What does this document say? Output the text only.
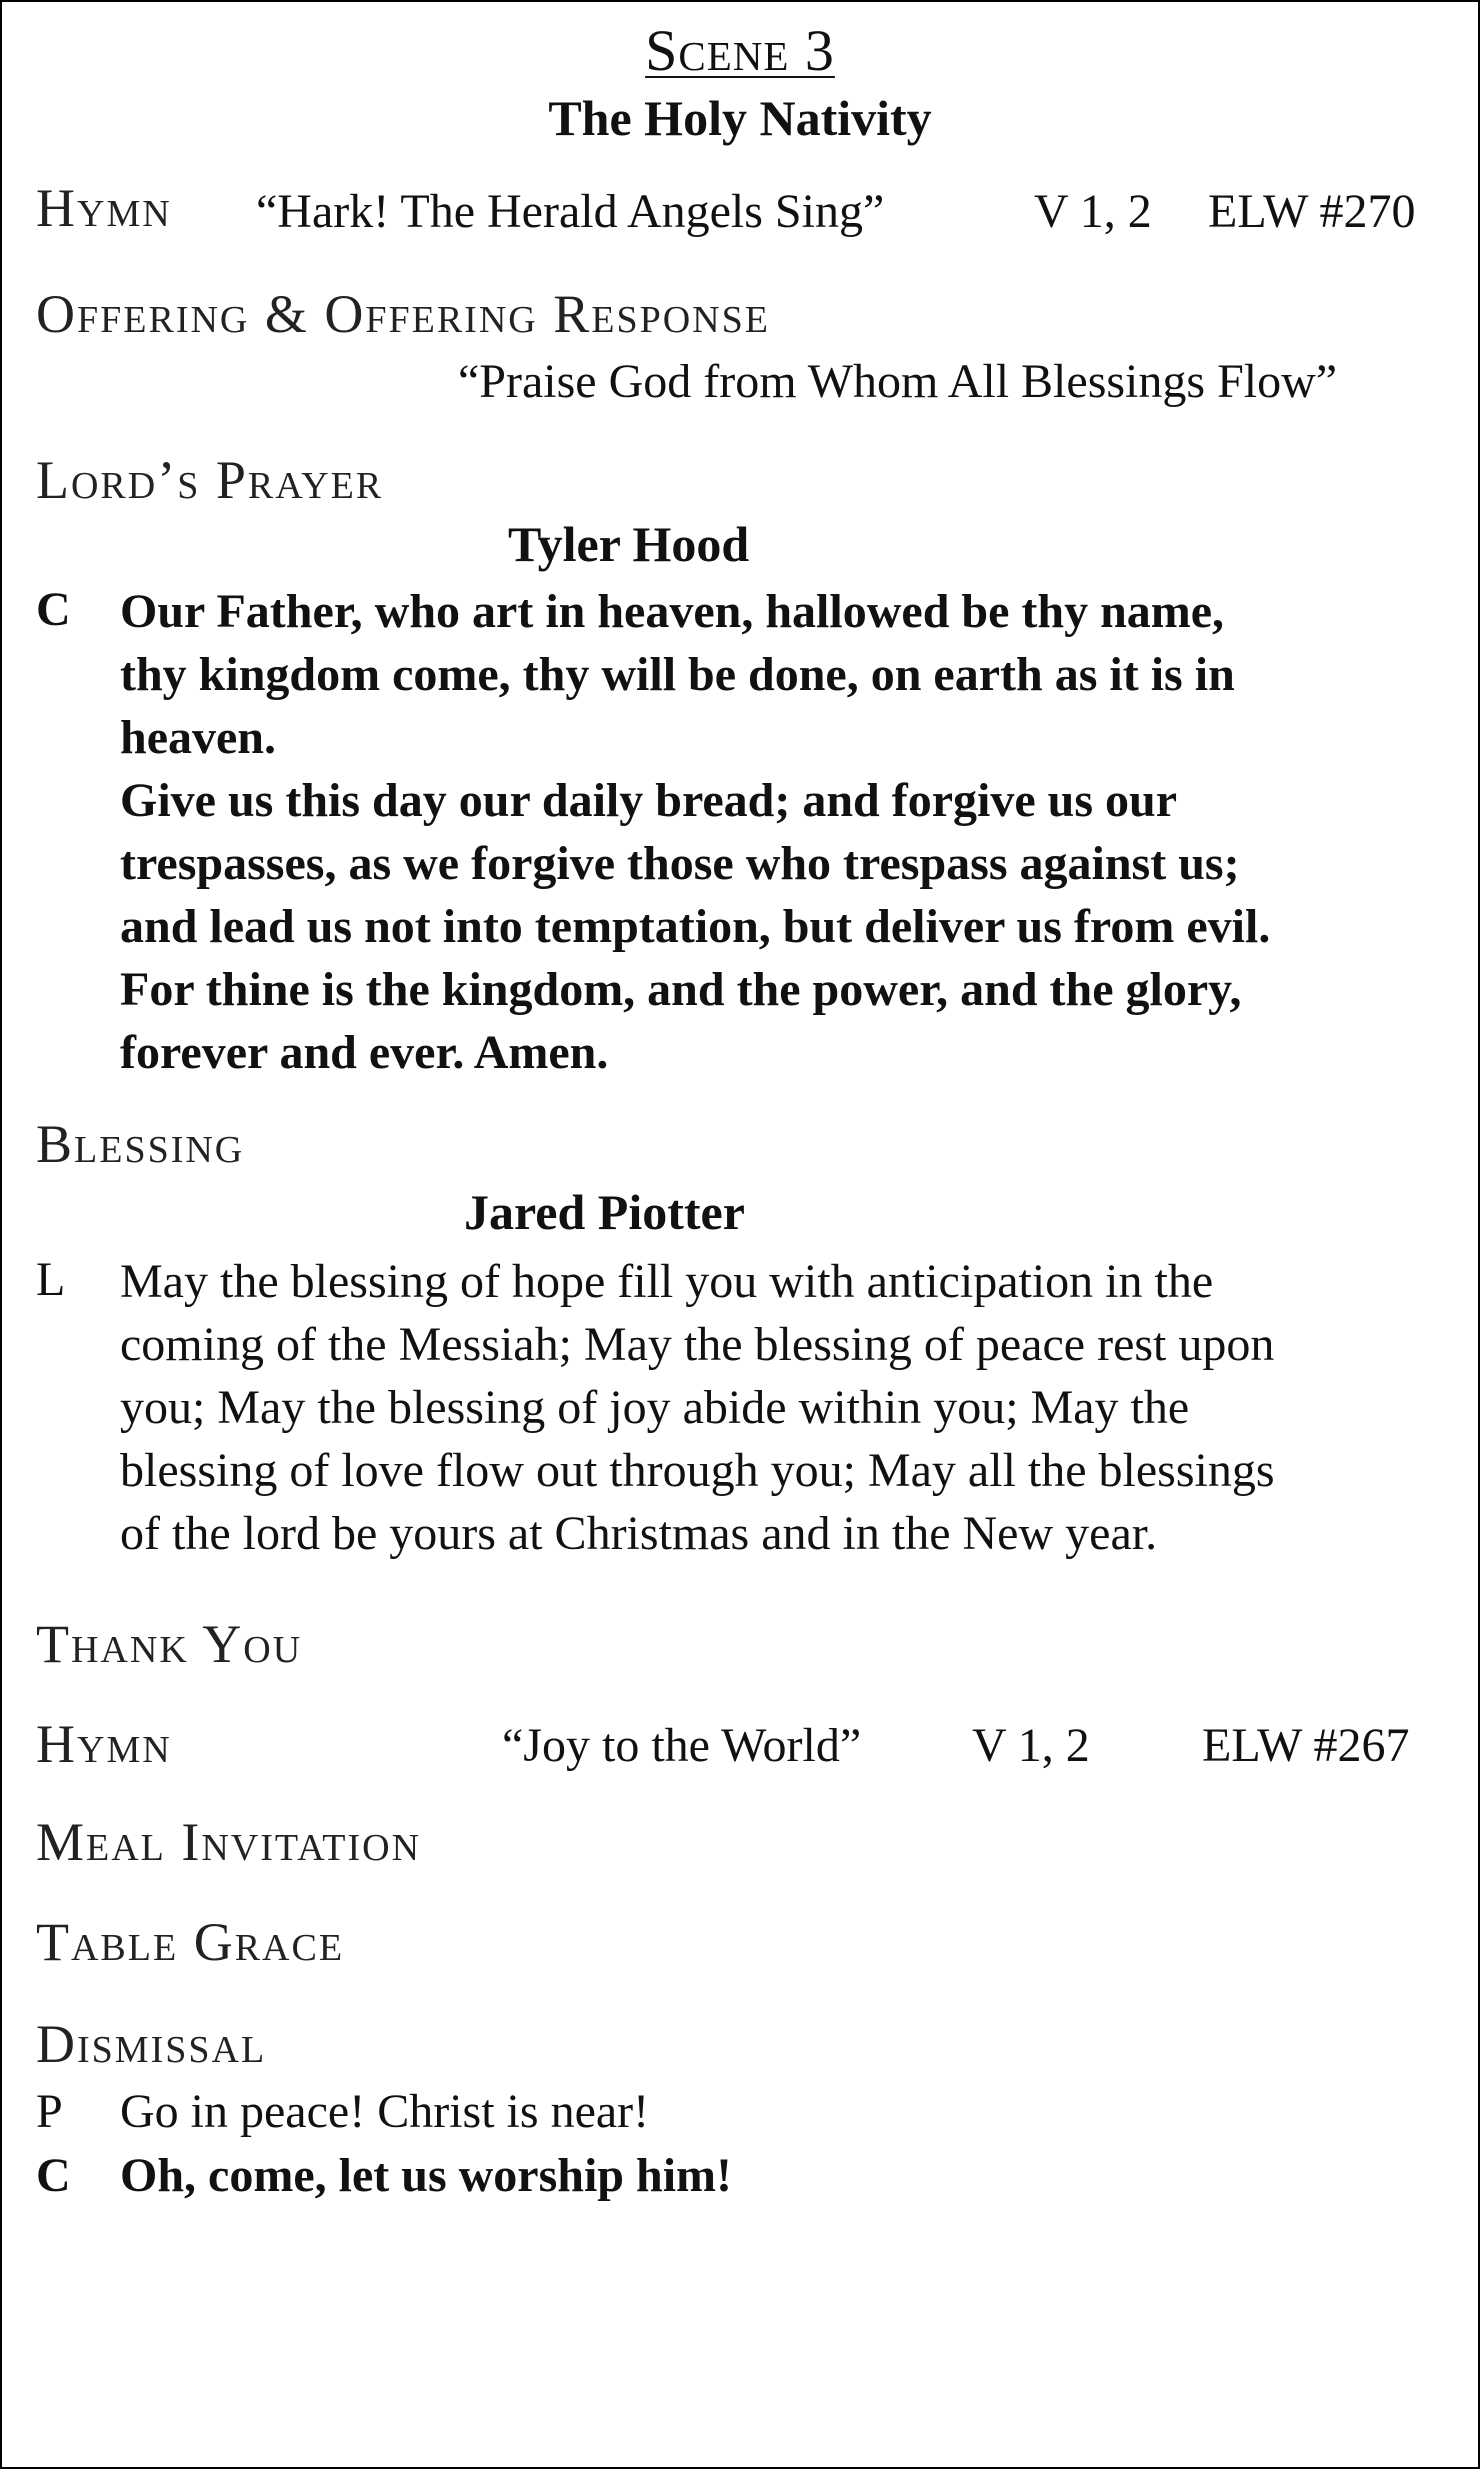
Scene 3
The Holy Nativity
Hymn “Hark! The Herald Angels Sing”	V 1, 2 ELW #270
Offering & Offering Response
“Praise God from Whom All Blessings Flow”
Lord’s Prayer
Tyler Hood
C Our Father, who art in heaven, hallowed be thy name,
thy kingdom come, thy will be done, on earth as it is in
heaven.
Give us this day our daily bread; and forgive us our
trespasses, as we forgive those who trespass against us;
and lead us not into temptation, but deliver us from evil.
For thine is the kingdom, and the power, and the glory,
forever and ever. Amen.
Blessing
Jared Piotter
L May the blessing of hope fill you with anticipation in the
coming of the Messiah; May the blessing of peace rest upon
you; May the blessing of joy abide within you; May the
blessing of love flow out through you; May all the blessings
of the lord be yours at Christmas and in the New year.
Thank You
Hymn	“Joy to the World” V 1, 2 ELW #267
Meal Invitation
Table Grace
Dismissal
P Go in peace! Christ is near!
C Oh, come, let us worship him!
